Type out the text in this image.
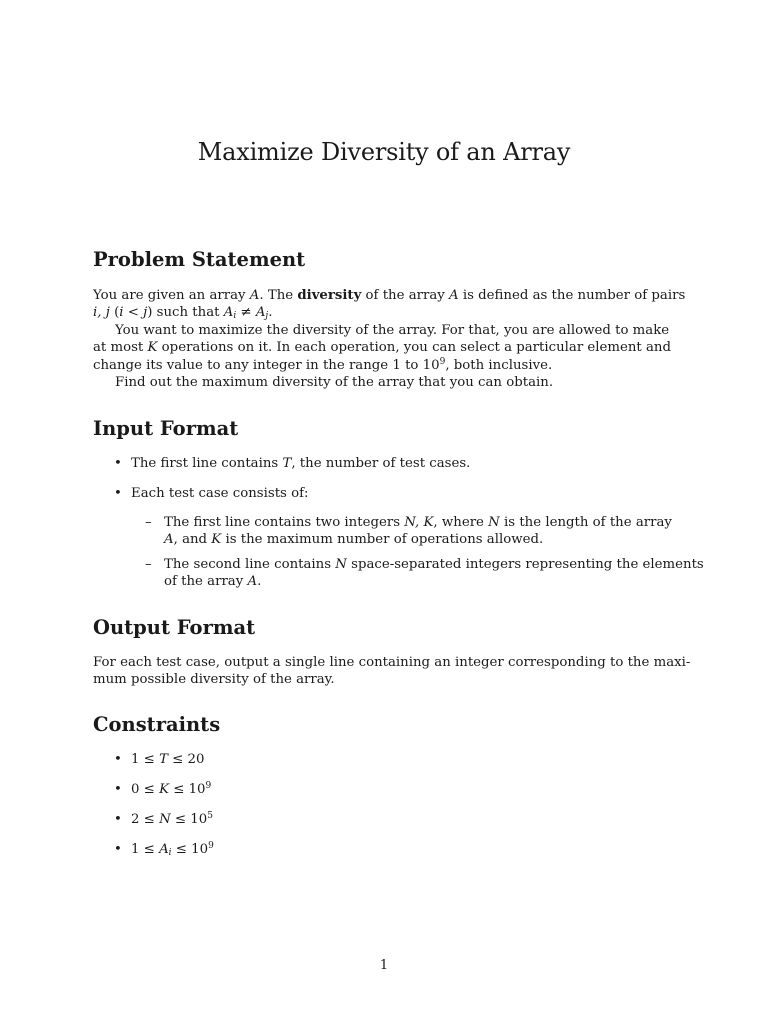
Maximize Diversity of an Array
Problem Statement
You are given an array A. The diversity of the array A is defined as the number of pairs
i, j (i < j) such that $A_i \ne A_j$.
You want to maximize the diversity of the array. For that, you are allowed to make
at most K operations on it. In each operation, you can select a particular element and
change its value to any integer in the range 1 to $10^9$, both inclusive.
Find out the maximum diversity of the array that you can obtain.
Input Format
• The first line contains T, the number of test cases.
• Each test case consists of:
– The first line contains two integers N, K, where N is the length of the array
A, and K is the maximum number of operations allowed.
– The second line contains N space-separated integers representing the elements
of the array A.
Output Format
For each test case, output a single line containing an integer corresponding to the maxi-
mum possible diversity of the array.
Constraints
• 1 ≤ T ≤ 20
• $0 \le K \le 10^9$
• $2 \le N \le 10^5$
• $1 \le A_i \le 10^9$
1
